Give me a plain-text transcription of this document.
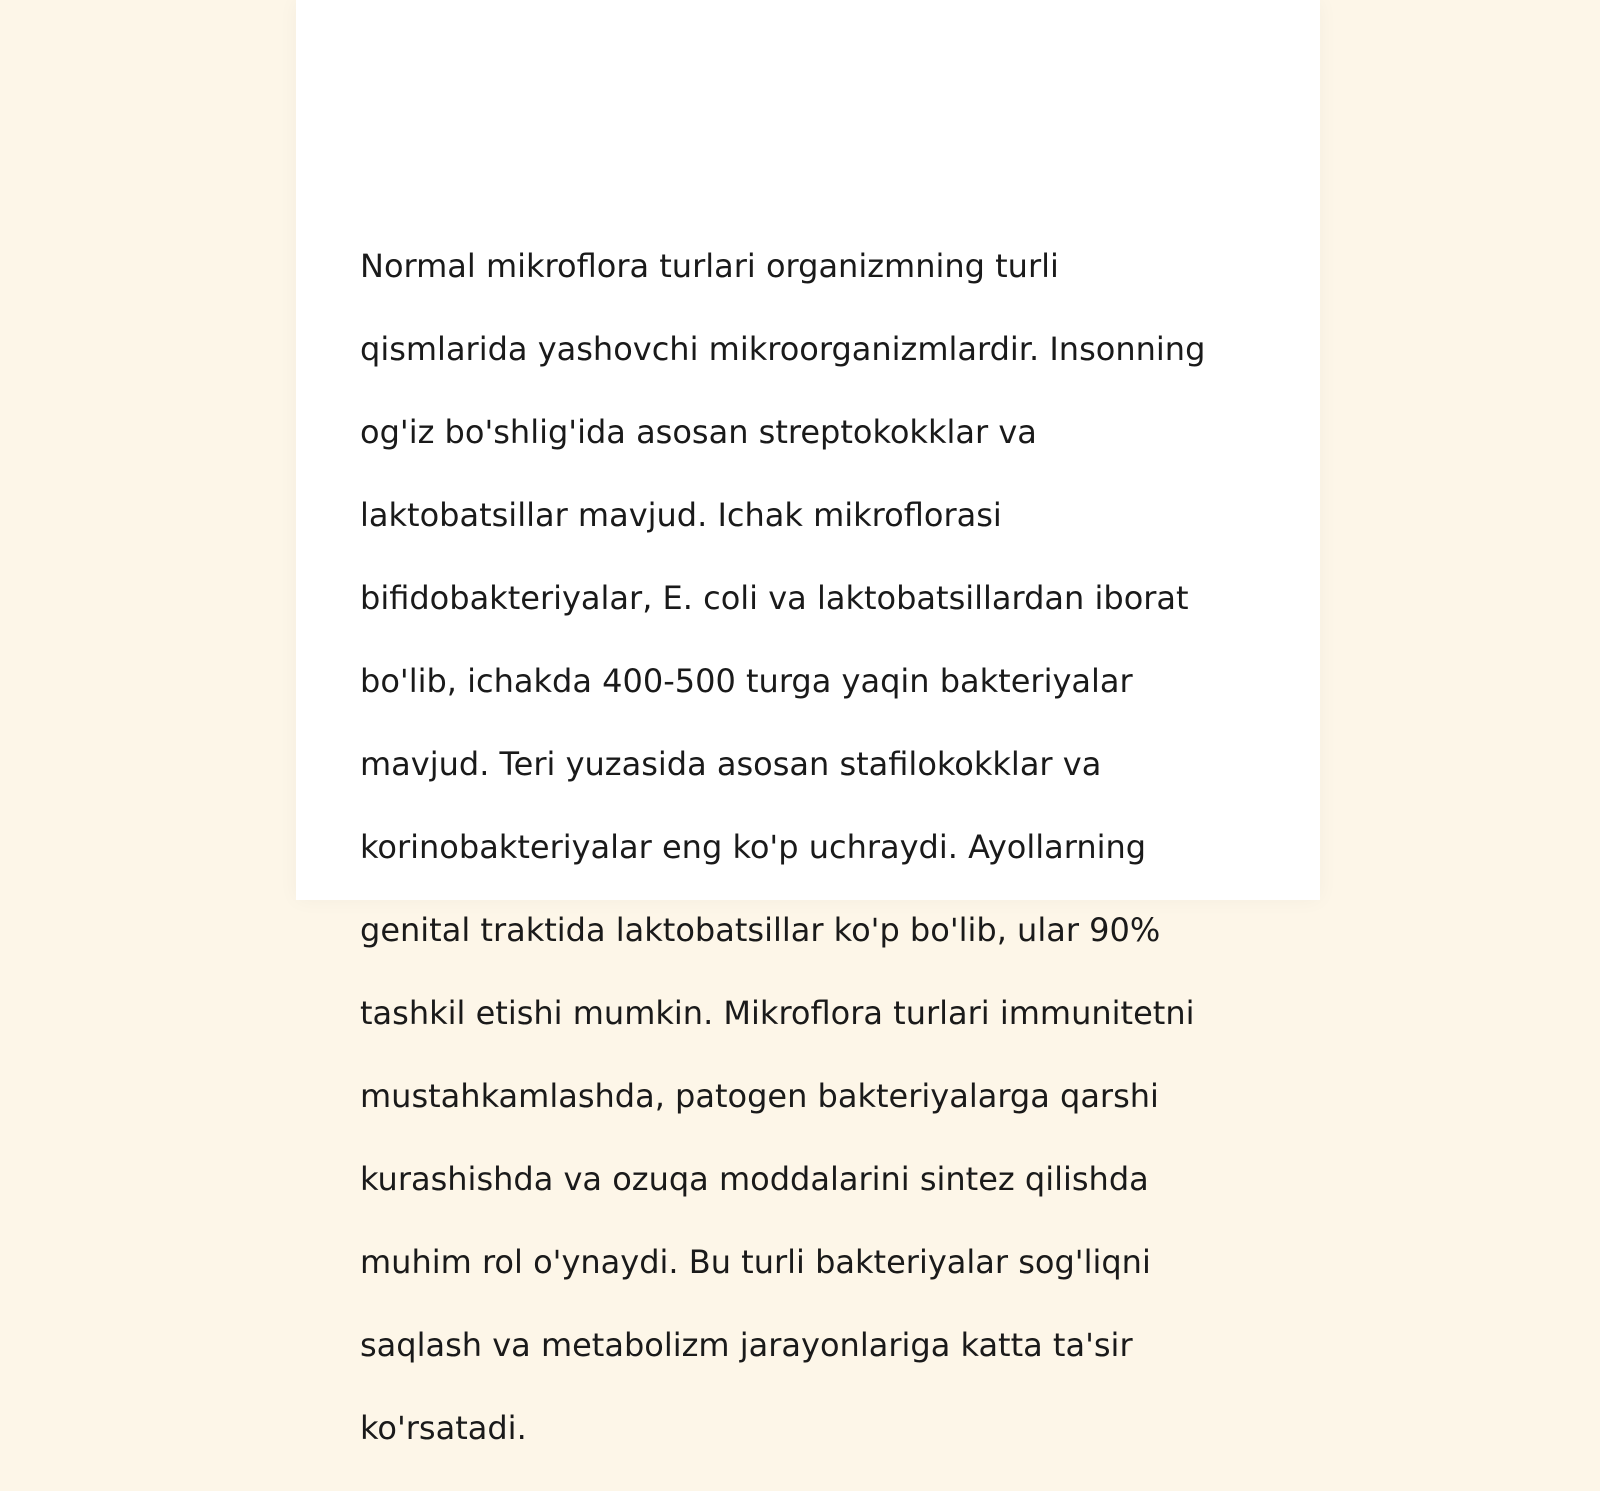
Normal mikroflora turlari organizmning turli

qismlarida yashovchi mikroorganizmlardir. Insonning

og'iz bo'shlig'ida asosan streptokokklar va

laktobatsillar mavjud. Ichak mikroflorasi

bifidobakteriyalar, E. coli va laktobatsillardan iborat

bo'lib, ichakda 400-500 turga yaqin bakteriyalar

mavjud. Teri yuzasida asosan stafilokokklar va

korinobakteriyalar eng ko'p uchraydi. Ayollarning

genital traktida laktobatsillar ko'p bo'lib, ular 90%

tashkil etishi mumkin. Mikroflora turlari immunitetni

mustahkamlashda, patogen bakteriyalarga qarshi

kurashishda va ozuqa moddalarini sintez qilishda

muhim rol o'ynaydi. Bu turli bakteriyalar sog'liqni

saqlash va metabolizm jarayonlariga katta ta'sir

ko'rsatadi.
